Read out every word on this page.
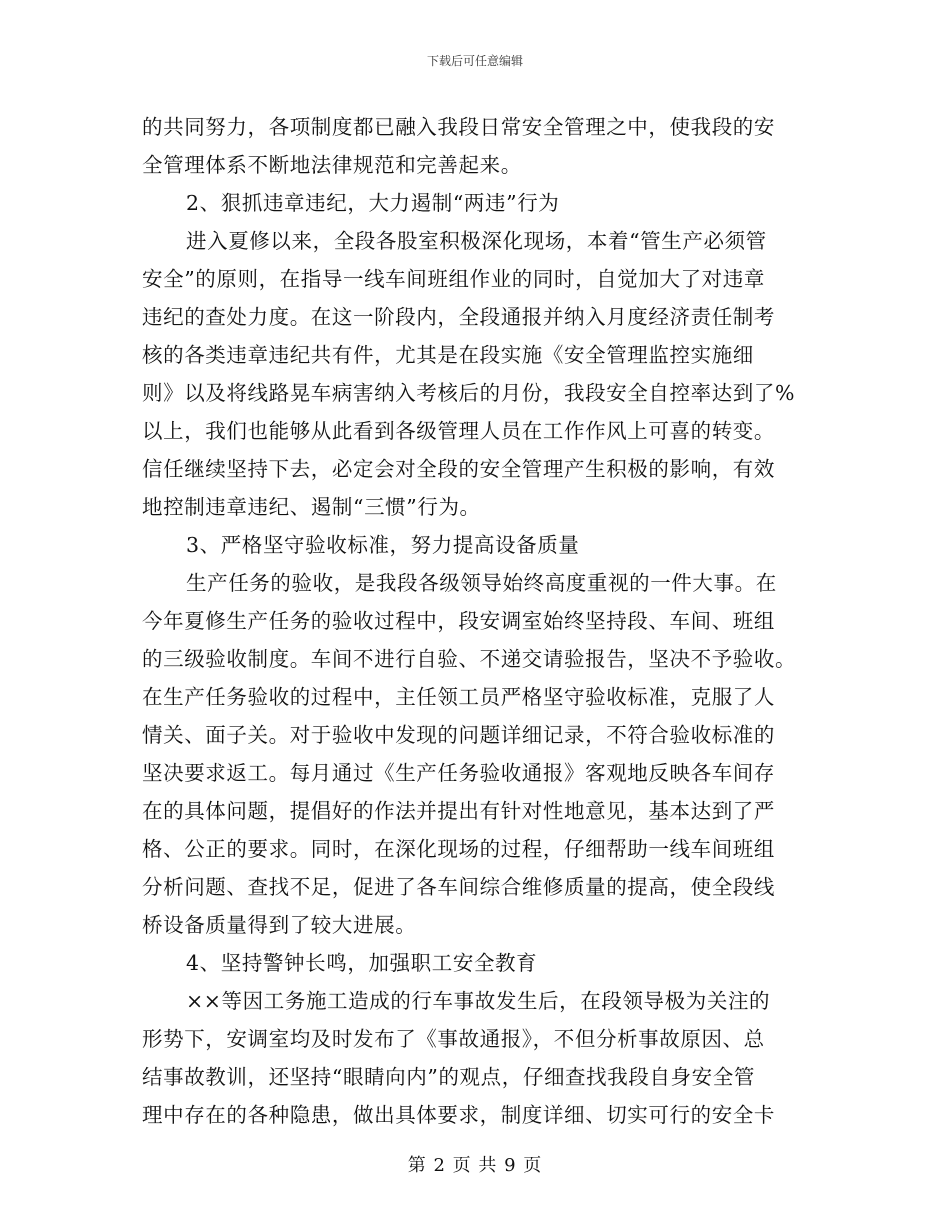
下载后可任意编辑
的共同努力，各项制度都已融入我段日常安全管理之中，使我段的安
全管理体系不断地法律规范和完善起来。
2、狠抓违章违纪，大力遏制“两违”行为
进入夏修以来，全段各股室积极深化现场，本着“管生产必须管
安全”的原则，在指导一线车间班组作业的同时，自觉加大了对违章
违纪的查处力度。在这一阶段内，全段通报并纳入月度经济责任制考
核的各类违章违纪共有件，尤其是在段实施《安全管理监控实施细
则》以及将线路晃车病害纳入考核后的月份，我段安全自控率达到了%
以上，我们也能够从此看到各级管理人员在工作作风上可喜的转变。
信任继续坚持下去，必定会对全段的安全管理产生积极的影响，有效
地控制违章违纪、遏制“三惯”行为。
3、严格坚守验收标准，努力提高设备质量
生产任务的验收，是我段各级领导始终高度重视的一件大事。在
今年夏修生产任务的验收过程中，段安调室始终坚持段、车间、班组
的三级验收制度。车间不进行自验、不递交请验报告，坚决不予验收。
在生产任务验收的过程中，主任领工员严格坚守验收标准，克服了人
情关、面子关。对于验收中发现的问题详细记录，不符合验收标准的
坚决要求返工。每月通过《生产任务验收通报》客观地反映各车间存
在的具体问题，提倡好的作法并提出有针对性地意见，基本达到了严
格、公正的要求。同时，在深化现场的过程，仔细帮助一线车间班组
分析问题、查找不足，促进了各车间综合维修质量的提高，使全段线
桥设备质量得到了较大进展。
4、坚持警钟长鸣，加强职工安全教育
××等因工务施工造成的行车事故发生后，在段领导极为关注的
形势下，安调室均及时发布了《事故通报》，不但分析事故原因、总
结事故教训，还坚持“眼睛向内”的观点，仔细查找我段自身安全管
理中存在的各种隐患，做出具体要求，制度详细、切实可行的安全卡
第 2 页 共 9 页
